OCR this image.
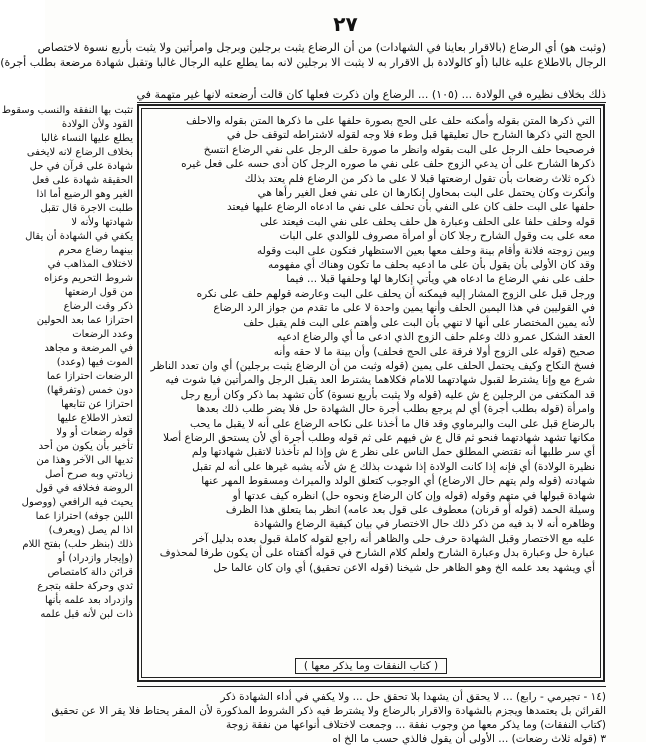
٢٧

(وثبت هو) أي الرضاع (بالاقرار بعاينا في الشهادات) من أن الرضاع يثبت برجلين وبرجل وامرأتين ولا يثبت بأربع نسوة لاختصاص

الرجال بالاطلاع عليه غالبا (أو كالولادة بل الاقرار به لا يثبت الا برجلين لانه بما يطلع عليه الرجال غالبا وتقبل شهادة مرضعة بطلب أجرة)

ذلك بخلاف نظيره في الولادة ... (١٠٥) ... الرضاع وان ذكرت فعلها كان قالت أرضعته لانها غير متهمة في

التي ذكرها المتن بقوله وأمكنه حلف على الحج بصورة حلفها على ما ذكرها المتن بقوله والاحلف

الحج التي ذكرها الشارح حال تعليقها قبل وطء فلا وجه لقوله لاشتراطه لتوقف حل في

فرصحيحا حلف الرجل على البت بقوله وانظر ما صورة حلف الرجل على نفي الرضاع انتسخ

ذكرها الشارح على أن يدعي الزوج حلف على نفي ما صوره الرجل كان أدى حسه على فعل غيره

ذكره ثلاث رضعات بأن تقول ارضعتها قبلا لا على ما ذكر من الرضاع فلم يعتد بذلك

وأنكرت وكان يحتمل على البت بمحاول إنكارها ان على نفي فعل الغير رأها هي

حلفها على البت حلف كان على النفي بأن تحلف على نفي ما ادعاه الرضاع عليها فيعتد

قوله وحلف حلفا على الحلف وعبارة هل حلف يحلف على نفي البت فيعتد على

معه على بت وقول الشارح رجلا كان أو امرأة مصروف للوالدي على البات

وبين زوجته فلانة وأقام بينة وحلف معها بعين الاستظهار فتكون على البت وقوله

وقد كان الأولى بأن يقول بأن على ما ادعيه بحلف ما تكون وهناك أي مفهومه

حلف على نفي الرضاع ما ادعاه هي ويأتي إنكارها لها وحلفها قبلا ... فيما

ورجل قبل على الزوج المشار إليه فيمكنه أن يحلف على البت وعارضه قولهم حلف على نكره

في القوليين في هذا اليمين الحلف وأنها يمين واحدة لا على ما تقدم من جواز الرد الرضاع

لأنه يمين المختصار على أنها لا تنهي بأن البت على وأهتم على البت فلم يقبل حلف

العقد الشكل عمرو ذلك وعلم حلف الزوج الذي ادعى ما أي والرضاع ادعيه

صحيح (قوله على الزوج أولا فرقة على الحج فحلف) وأن بينة ما لا حقه وأنه

فسخ النكاح وكيف يحتمل الحلف على يمين (قوله وثبت من أن الرضاع يثبت برجلين) أي وان تعدد الناظر

شرع مع وإنا يشترط لقبول شهادتهما للامام فكلاهما يشترط العد يقبل الرجل والمرأتين فيا شوت فيه

قد المكتفى من الرجلين ع ش عليه (قوله ولا يثبت بأربع نسوة) كأن تشهد بما ذكر وكان أربع رجل

وامرأة (قوله بطلب أجرة) أي لم يرجع بطلب أجرة حال الشهادة حل فلا يضر طلب ذلك بعدها

بالرضاع قبل على البت والبرماوي وقد قال ما أخذنا على نكاحه الرضاع على أنه لا يقبل ما يحب

مكانها تشهد شهادتهما فنحو ثم قال ع ش فيهم على ثم قوله وطلب أجرة أي لأن يستحق الرضاع أصلا

أي سر طلبها أنه تقتضي المطلق حمل الناس على نظر ع ش وإذا لم تأخذنا لاتقبل شهادتها ولم

نظيرة الولادة) أي فإنه إذا كانت الولادة إذا شهدت بذلك ع ش لأنه يشبه غيرها على أنه لم تقبل

شهادته (قوله ولم يتهم حال الارضاع) أي الوجوب كتعلق الولد والميراث ومسقوط المهر عنها

شهادة قبولها في متهم وقوله (قوله وإن كان الرضاع ونحوه حل) انظره كيف عدتها أو

وسيلة الحمد (قوله أو قرنان) معطوف على قول بعد عامه) انظر بما يتعلق هذا الظرف

وظاهره أنه لا بد فيه من ذكر ذلك حال الاختصار في بيان كيفية الرضاع والشهادة

عليه مع الاختصار وقبل الشهادة حرف حلى والظاهر أنه راجع لقوله كاملة قبول بعده بدليل آخر

عبارة حل وعبارة بدل وعبارة الشارح ولعلم كلام الشارح في قوله أكفتاه على أن يكون طرفا لمحذوف

أي ويشهد بعد علمه الخ وهو الظاهر حل شيخنا (قوله الاعن تحقيق) أي وان كان عالما حل

( كتاب النفقات وما يذكر معها )

تثبت بها النفقة والنسب وسقوط

القود ولأن الولادة

يطلع عليها النساء غالبا

بخلاف الرضاع لانه لايخفى

شهادة على قرآن في حل

الحقيقة شهادة على فعل

الغير وهو الرضيع أما اذا

طلبت الاجرة قال تقبل

شهادتها ولأنه لا

يكفي في الشهادة أن يقال

بينهما رضاع محرم

لاختلاف المذاهب في

شروط التحريم وعزاه

من قول ارضعتها

ذكر وقت الرضاع

احترازا عما بعد الحولين

وعدد الرضعات

في المرضعة و مجاهد

الموت فيها (وعدد)

الرضعات احترازا عما

دون خمس (وتفرقها)

احترازا عن تتابعها

لتعذر الاطلاع عليها

قوله رضعات أو ولا

تأخير بأن يكون من أحد

ثديها الى الآخر وهذا من

زيادتي وبه صرح أصل

الروضة فخلافه في قول

يحيث فيه الرافعي (ووصول

اللبن جوفه) احترازا عما

اذا لم يصل (ويعرف)

ذلك (بنظر حلب) بفتح اللام

(وإيجار وازدراد) أو

قرائن دالة كامتصاص

ثدي وحركة حلقه بتجرع

وازدراد بعد علمه بأنها

ذات لبن لأنه قبل علمه

(١٤ - تجيرمي - رابع) ... لا يحقق أن يشهدا بلا تحقق حل ... ولا يكفي في أداء الشهادة ذكر

القرائن بل يعتمدها ويجزم بالشهادة والاقرار بالرضاع ولا يشترط فيه ذكر الشروط المذكورة لأن المقر يحتاط فلا يقر الا عن تحقيق

(كتاب النفقات) وما يذكر معها من وجوب نفقة ... وجمعت لاختلاف أنواعها من نفقة زوجة

٣ (قوله ثلاث رضعات) ... الأولى أن يقول فالذي حسب ما الخ اه
